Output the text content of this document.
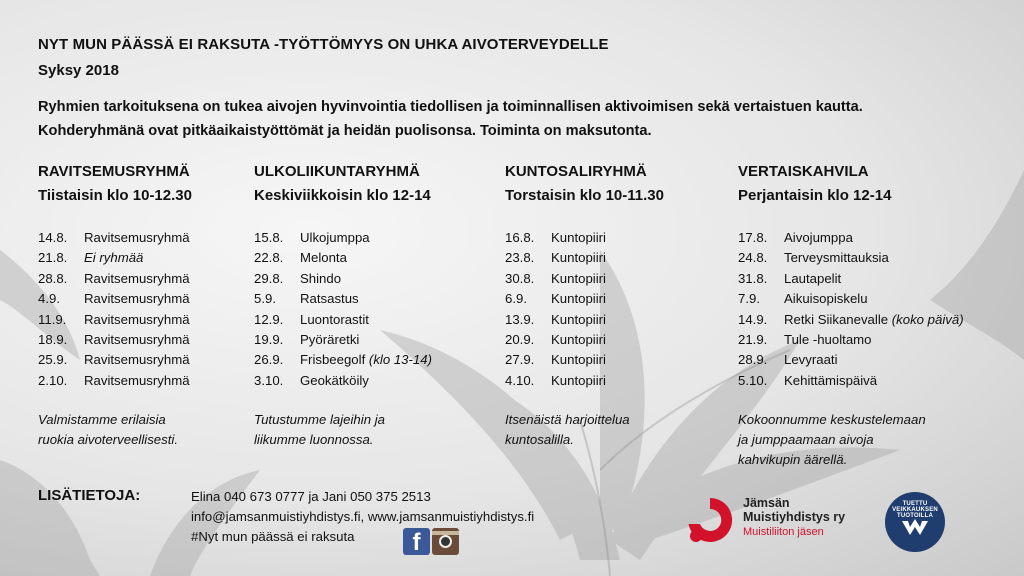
NYT MUN PÄÄSSÄ EI RAKSUTA -TYÖTTÖMYYS ON UHKA AIVOTERVEYDELLE
Syksy 2018
Ryhmien tarkoituksena on tukea aivojen hyvinvointia tiedollisen ja toiminnallisen aktivoimisen sekä vertaistuen kautta.
Kohderyhmänä ovat pitkäaikaistyöttömät ja heidän puolisonsa. Toiminta on maksutonta.
RAVITSEMUSRYHMÄ
Tiistaisin klo 10-12.30
14.8. Ravitsemusryhmä
21.8. Ei ryhmää
28.8. Ravitsemusryhmä
4.9. Ravitsemusryhmä
11.9. Ravitsemusryhmä
18.9. Ravitsemusryhmä
25.9. Ravitsemusryhmä
2.10. Ravitsemusryhmä
Valmistamme erilaisia
ruokia aivoterveellisesti.
ULKOLIIKUNTARYHMÄ
Keskiviikkoisin klo 12-14
15.8. Ulkojumppa
22.8. Melonta
29.8. Shindo
5.9. Ratsastus
12.9. Luontorastit
19.9. Pyöräretki
26.9. Frisbeegolf (klo 13-14)
3.10. Geokätköily
Tutustumme lajeihin ja
liikumme luonnossa.
KUNTOSALIRYHMÄ
Torstaisin klo 10-11.30
16.8. Kuntopiiri
23.8. Kuntopiiri
30.8. Kuntopiiri
6.9. Kuntopiiri
13.9. Kuntopiiri
20.9. Kuntopiiri
27.9. Kuntopiiri
4.10. Kuntopiiri
Itsenäistä harjoittelua
kuntosalilla.
VERTAISKAHVILA
Perjantaisin klo 12-14
17.8. Aivojumppa
24.8. Terveysmittauksia
31.8. Lautapelit
7.9. Aikuisopiskelu
14.9. Retki Siikanevalle (koko päivä)
21.9. Tule -huoltamo
28.9. Levyraati
5.10. Kehittämispäivä
Kokoonnumme keskustelemaan
ja jumppaamaan aivoja
kahvikupin äärellä.
LISÄTIETOJA:	Elina 040 673 0777 ja Jani 050 375 2513
info@jamsanmuistiyhdistys.fi, www.jamsanmuistiyhdistys.fi
#Nyt mun päässä ei raksuta	f
Jämsän
Muistiyhdistys ry
Muistiliiton jäsen
TUETTU VEIKKAUKSEN TUOTOILLA
